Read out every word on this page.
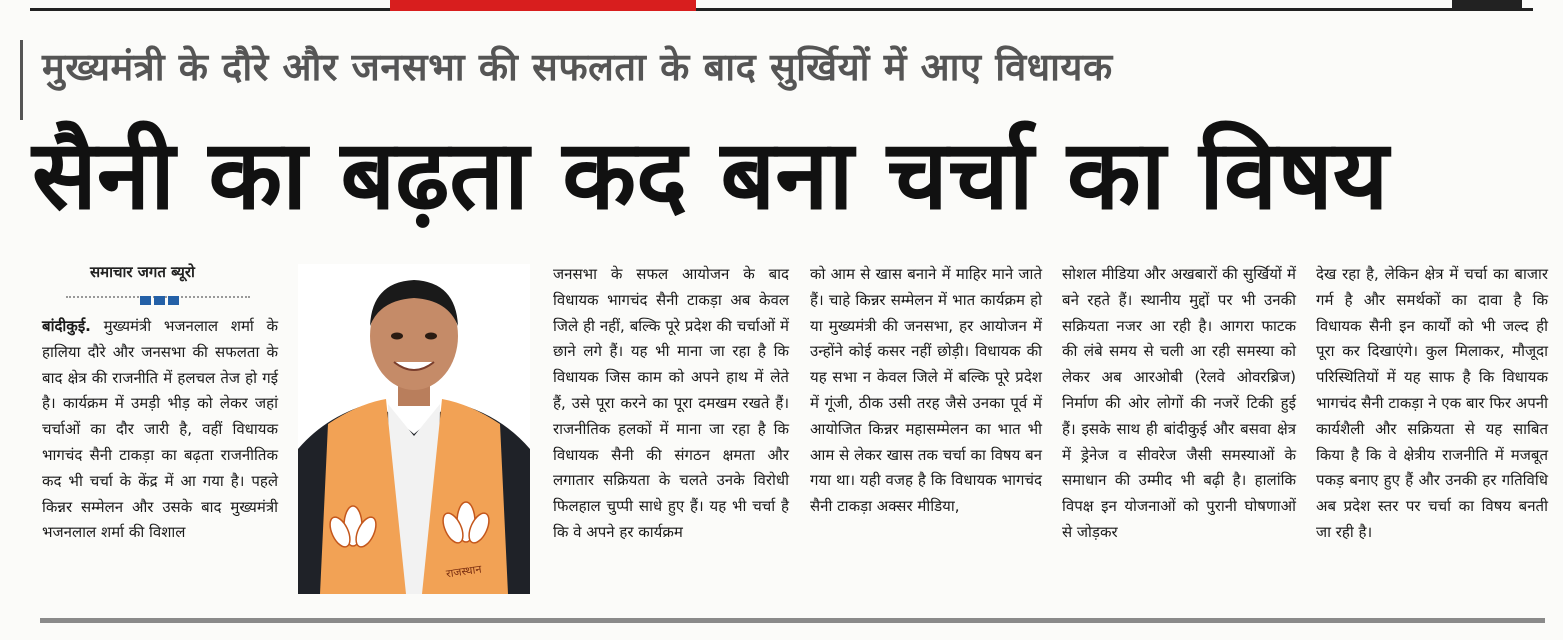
मुख्यमंत्री के दौरे और जनसभा की सफलता के बाद सुर्खियों में आए विधायक
सैनी का बढ़ता कद बना चर्चा का विषय
समाचार जगत ब्यूरो
बांदीकुई. मुख्यमंत्री भजनलाल शर्मा के हालिया दौरे और जनसभा की सफलता के बाद क्षेत्र की राजनीति में हलचल तेज हो गई है। कार्यक्रम में उमड़ी भीड़ को लेकर जहां चर्चाओं का दौर जारी है, वहीं विधायक भागचंद सैनी टाकड़ा का बढ़ता राजनीतिक कद भी चर्चा के केंद्र में आ गया है। पहले किन्नर सम्मेलन और उसके बाद मुख्यमंत्री भजनलाल शर्मा की विशाल
राजस्थान
जनसभा के सफल आयोजन के बाद विधायक भागचंद सैनी टाकड़ा अब केवल जिले ही नहीं, बल्कि पूरे प्रदेश की चर्चाओं में छाने लगे हैं। यह भी माना जा रहा है कि विधायक जिस काम को अपने हाथ में लेते हैं, उसे पूरा करने का पूरा दमखम रखते हैं। राजनीतिक हलकों में माना जा रहा है कि विधायक सैनी की संगठन क्षमता और लगातार सक्रियता के चलते उनके विरोधी फिलहाल चुप्पी साधे हुए हैं। यह भी चर्चा है कि वे अपने हर कार्यक्रम
को आम से खास बनाने में माहिर माने जाते हैं। चाहे किन्नर सम्मेलन में भात कार्यक्रम हो या मुख्यमंत्री की जनसभा, हर आयोजन में उन्होंने कोई कसर नहीं छोड़ी। विधायक की यह सभा न केवल जिले में बल्कि पूरे प्रदेश में गूंजी, ठीक उसी तरह जैसे उनका पूर्व में आयोजित किन्नर महासम्मेलन का भात भी आम से लेकर खास तक चर्चा का विषय बन गया था। यही वजह है कि विधायक भागचंद सैनी टाकड़ा अक्सर मीडिया,
सोशल मीडिया और अखबारों की सुर्खियों में बने रहते हैं। स्थानीय मुद्दों पर भी उनकी सक्रियता नजर आ रही है। आगरा फाटक की लंबे समय से चली आ रही समस्या को लेकर अब आरओबी (रेलवे ओवरब्रिज) निर्माण की ओर लोगों की नजरें टिकी हुई हैं। इसके साथ ही बांदीकुई और बसवा क्षेत्र में ड्रेनेज व सीवरेज जैसी समस्याओं के समाधान की उम्मीद भी बढ़ी है। हालांकि विपक्ष इन योजनाओं को पुरानी घोषणाओं से जोड़कर
देख रहा है, लेकिन क्षेत्र में चर्चा का बाजार गर्म है और समर्थकों का दावा है कि विधायक सैनी इन कार्यों को भी जल्द ही पूरा कर दिखाएंगे। कुल मिलाकर, मौजूदा परिस्थितियों में यह साफ है कि विधायक भागचंद सैनी टाकड़ा ने एक बार फिर अपनी कार्यशैली और सक्रियता से यह साबित किया है कि वे क्षेत्रीय राजनीति में मजबूत पकड़ बनाए हुए हैं और उनकी हर गतिविधि अब प्रदेश स्तर पर चर्चा का विषय बनती जा रही है।
